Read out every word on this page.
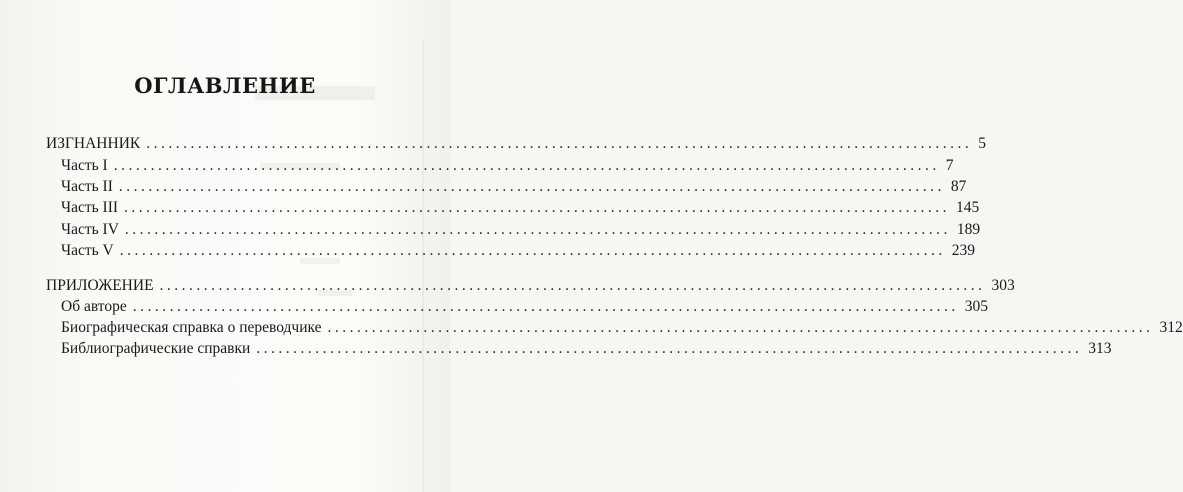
ОГЛАВЛЕНИЕ
ИЗГНАННИК ................................................................................................................ 5
Часть I ................................................................................................................ 7
Часть II ................................................................................................................ 87
Часть III ................................................................................................................ 145
Часть IV ................................................................................................................ 189
Часть V ................................................................................................................ 239
ПРИЛОЖЕНИЕ ................................................................................................................ 303
Об авторе ................................................................................................................ 305
Биографическая справка о переводчике ................................................................................................................ 312
Библиографические справки ................................................................................................................ 313
